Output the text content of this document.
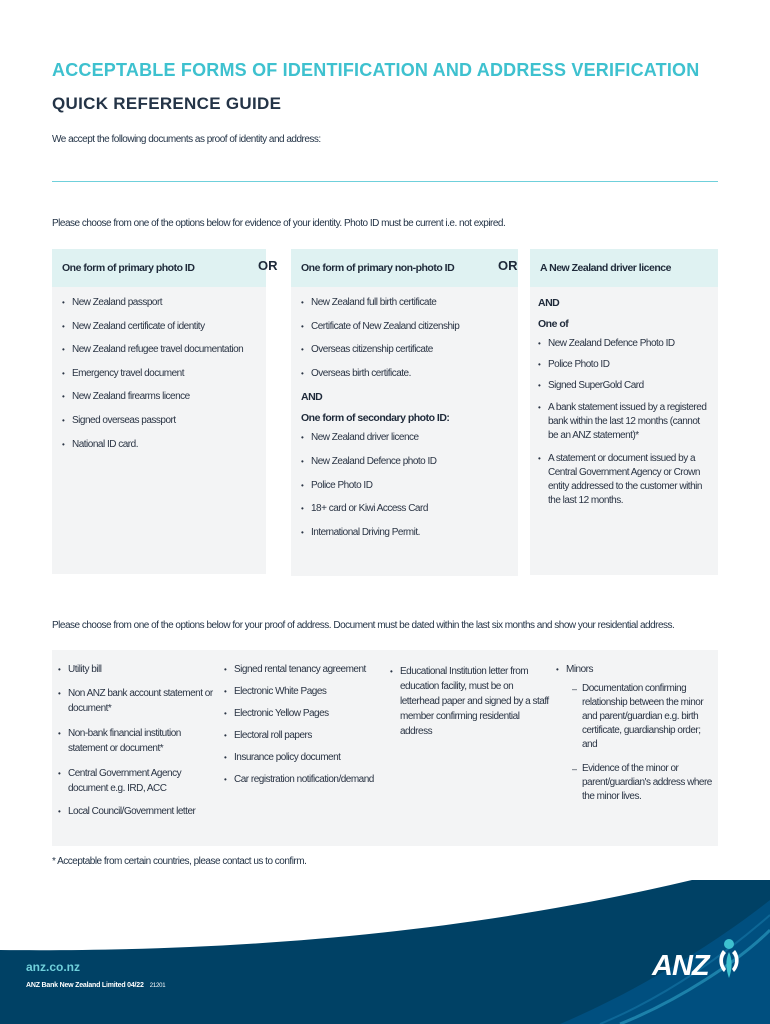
ACCEPTABLE FORMS OF IDENTIFICATION AND ADDRESS VERIFICATION
QUICK REFERENCE GUIDE
We accept the following documents as proof of identity and address:
Please choose from one of the options below for evidence of your identity. Photo ID must be current i.e. not expired.
One form of primary photo ID
• New Zealand passport
• New Zealand certificate of identity
• New Zealand refugee travel documentation
• Emergency travel document
• New Zealand firearms licence
• Signed overseas passport
• National ID card.
OR	One form of primary non-photo ID
• New Zealand full birth certificate
• Certificate of New Zealand citizenship
• Overseas citizenship certificate
• Overseas birth certificate.
AND
One form of secondary photo ID:
• New Zealand driver licence
• New Zealand Defence photo ID
• Police Photo ID
• 18+ card or Kiwi Access Card
• International Driving Permit.
OR	A New Zealand driver licence
AND
One of
• New Zealand Defence Photo ID
• Police Photo ID
• Signed SuperGold Card
• A bank statement issued by a registered bank within the last 12 months (cannot be an ANZ statement)*
• A statement or document issued by a Central Government Agency or Crown entity addressed to the customer within the last 12 months.
Please choose from one of the options below for your proof of address. Document must be dated within the last six months and show your residential address.
• Utility bill
• Non ANZ bank account statement or document*
• Non-bank financial institution statement or document*
• Central Government Agency document e.g. IRD, ACC
• Local Council/Government letter
• Signed rental tenancy agreement
• Electronic White Pages
• Electronic Yellow Pages
• Electoral roll papers
• Insurance policy document
• Car registration notification/demand
• Educational Institution letter from education facility, must be on letterhead paper and signed by a staff member confirming residential address
• Minors
– Documentation confirming relationship between the minor and parent/guardian e.g. birth certificate, guardianship order; and
– Evidence of the minor or parent/guardian's address where the minor lives.
* Acceptable from certain countries, please contact us to confirm.
anz.co.nz
ANZ Bank New Zealand Limited 04/22 21201
ANZ
